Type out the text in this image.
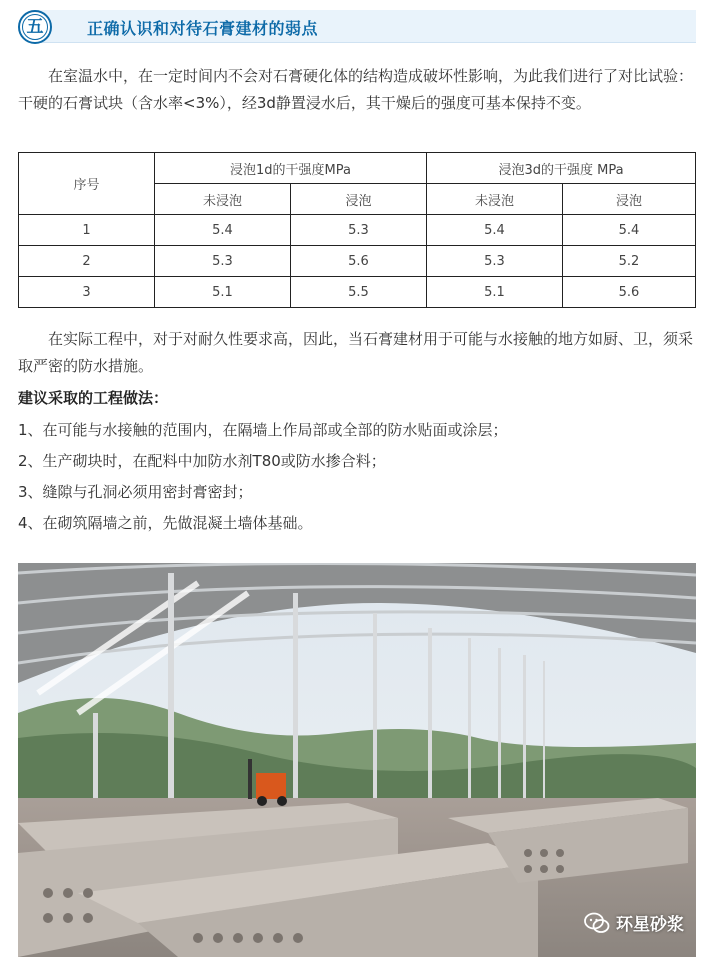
五	正确认识和对待石膏建材的弱点

在室温水中，在一定时间内不会对石膏硬化体的结构造成破坏性影响，为此我们进行了对比试验：干硬的石膏试块（含水率<3%），经3d静置浸水后，其干燥后的强度可基本保持不变。

序号	浸泡1d的干强度MPa		浸泡3d的干强度 MPa	
	未浸泡	浸泡	未浸泡	浸泡
1	5.4	5.3	5.4	5.4
2	5.3	5.6	5.3	5.2
3	5.1	5.5	5.1	5.6

在实际工程中，对于对耐久性要求高，因此，当石膏建材用于可能与水接触的地方如厨、卫，须采取严密的防水措施。

建议采取的工程做法：
1、在可能与水接触的范围内，在隔墙上作局部或全部的防水贴面或涂层；
2、生产砌块时，在配料中加防水剂T80或防水掺合料；
3、缝隙与孔洞必须用密封膏密封；
4、在砌筑隔墙之前，先做混凝土墙体基础。
环星砂浆
